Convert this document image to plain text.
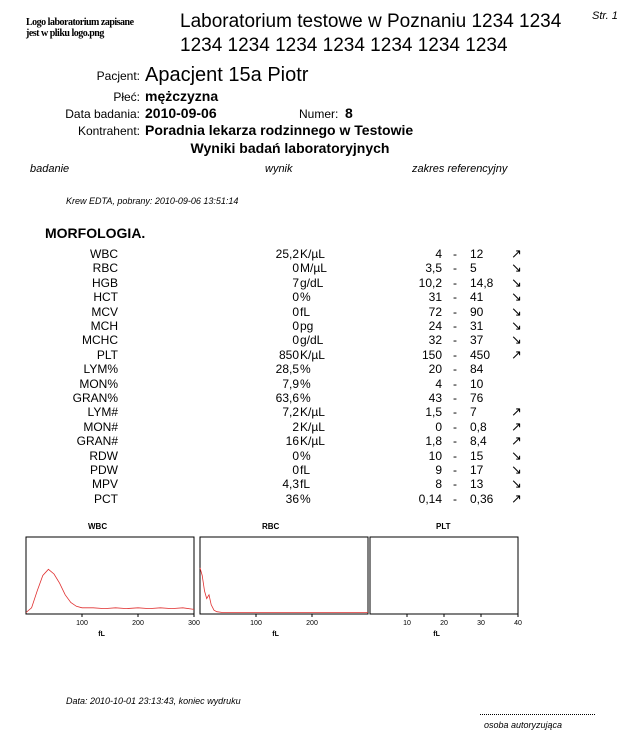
Logo laboratorium zapisane jest w pliku logo.png
Laboratorium testowe w Poznaniu 1234 1234 1234 1234 1234 1234 1234 1234 1234
Str. 1
Pacjent: Apacjent 15a Piotr
Płeć: mężczyzna
Data badania: 2010-09-06	Numer: 8
Kontrahent: Poradnia lekarza rodzinnego w Testowie
Wyniki badań laboratoryjnych
badanie	wynik	zakres referencyjny
Krew EDTA, pobrany: 2010-09-06 13:51:14
MORFOLOGIA.
WBC	25,2 K/µL	4 - 12 ↗
RBC	0 M/µL	3,5 - 5	↘
HGB	7 g/dL	10,2 - 14,8 ↘
HCT	0 %	31 - 41 ↘
MCV	0 fL	72 - 90 ↘
MCH	0 pg	24 - 31 ↘
MCHC	0 g/dL	32 - 37 ↘
PLT	850 K/µL	150 - 450 ↗
LYM%	28,5 %	20 - 84
MON%	7,9 %	4 - 10
GRAN%	63,6 %	43 - 76
LYM#	7,2 K/µL	1,5 - 7	↗
MON#	2 K/µL	0 - 0,8 ↗
GRAN#	16 K/µL	1,8 - 8,4 ↗
RDW	0 %	10 - 15 ↘
PDW	0 fL	9 - 17 ↘
MPV	4,3 fL	8 - 13 ↘
PCT	36 %	0,14 - 0,36 ↗
WBC	RBC	PLT
100	200	300
fL
100	200
fL
10	20	30	40
fL
Data: 2010-10-01 23:13:43, koniec wydruku
osoba autoryzująca
